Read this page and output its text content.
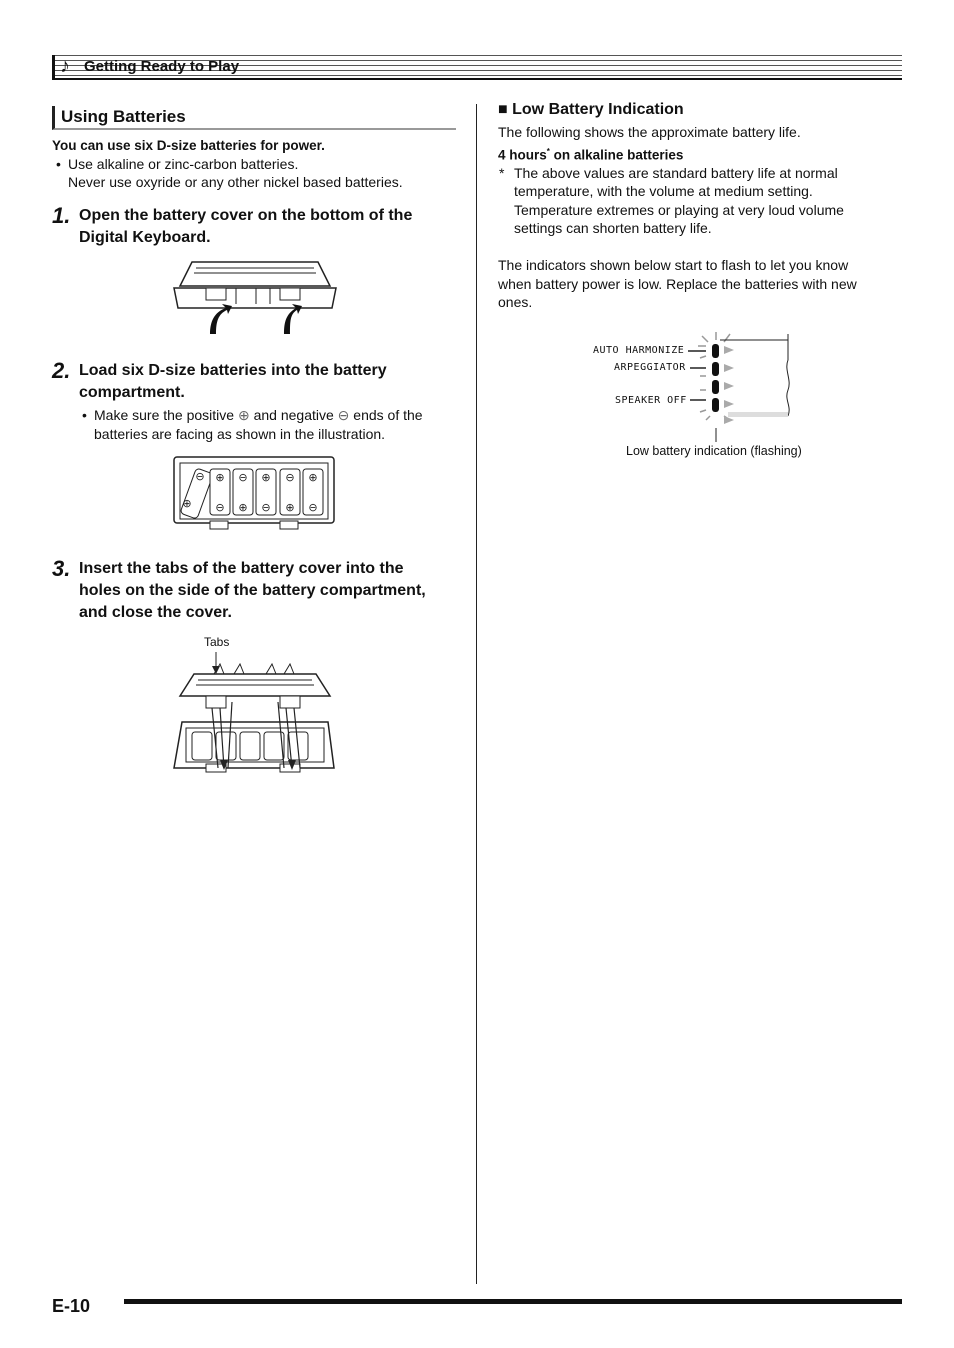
♪ Getting Ready to Play
Using Batteries
You can use six D-size batteries for power.
• Use alkaline or zinc-carbon batteries.
Never use oxyride or any other nickel based batteries.
1. Open the battery cover on the bottom of the
Digital Keyboard.
2. Load six D-size batteries into the battery
compartment.
• Make sure the positive ⊕ and negative ⊖ ends of the
batteries are facing as shown in the illustration.
⊕
⊖
⊖
⊕
⊕
⊖
⊖
⊕
⊕
⊖
⊖
⊕
3. Insert the tabs of the battery cover into the
holes on the side of the battery compartment,
and close the cover.
Tabs
■ Low Battery Indication
The following shows the approximate battery life.
4 hours* on alkaline batteries
* The above values are standard battery life at normal
temperature, with the volume at medium setting.
Temperature extremes or playing at very loud volume
settings can shorten battery life.
The indicators shown below start to flash to let you know
when battery power is low. Replace the batteries with new
ones.
AUTO HARMONIZE
ARPEGGIATOR
SPEAKER OFF
Low battery indication (flashing)
E-10
